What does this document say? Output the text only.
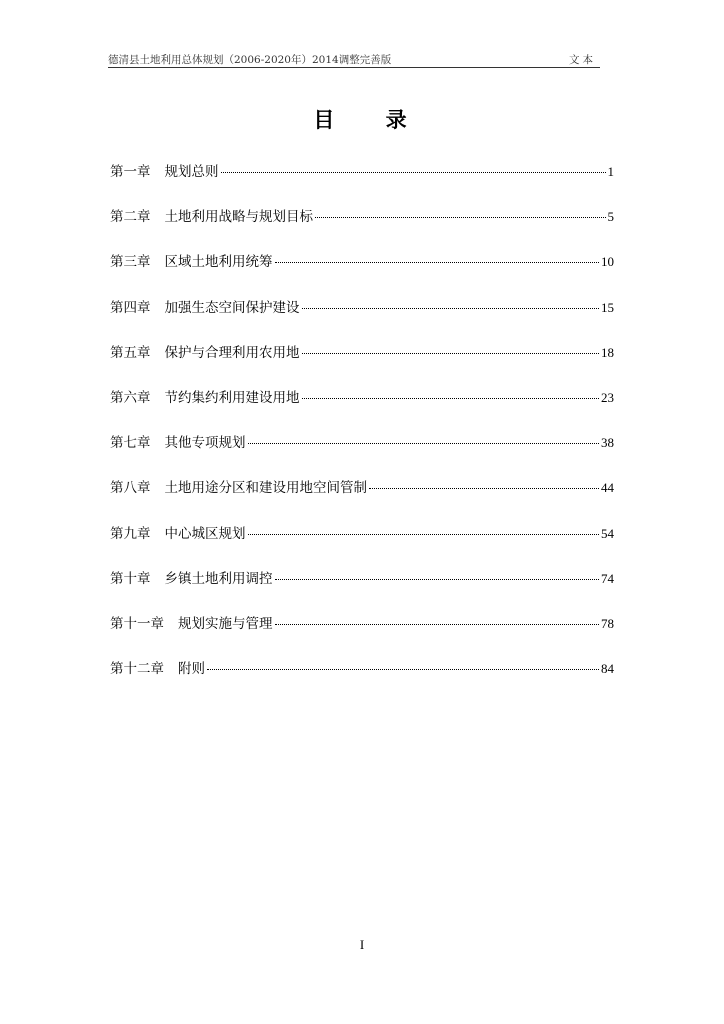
德清县土地利用总体规划（2006-2020年）2014调整完善版	文本
目 录
第一章 规划总则	1
第二章 土地利用战略与规划目标	5
第三章 区域土地利用统筹	10
第四章 加强生态空间保护建设	15
第五章 保护与合理利用农用地	18
第六章 节约集约利用建设用地	23
第七章 其他专项规划	38
第八章 土地用途分区和建设用地空间管制	44
第九章 中心城区规划	54
第十章 乡镇土地利用调控	74
第十一章 规划实施与管理	78
第十二章 附则	84
I
